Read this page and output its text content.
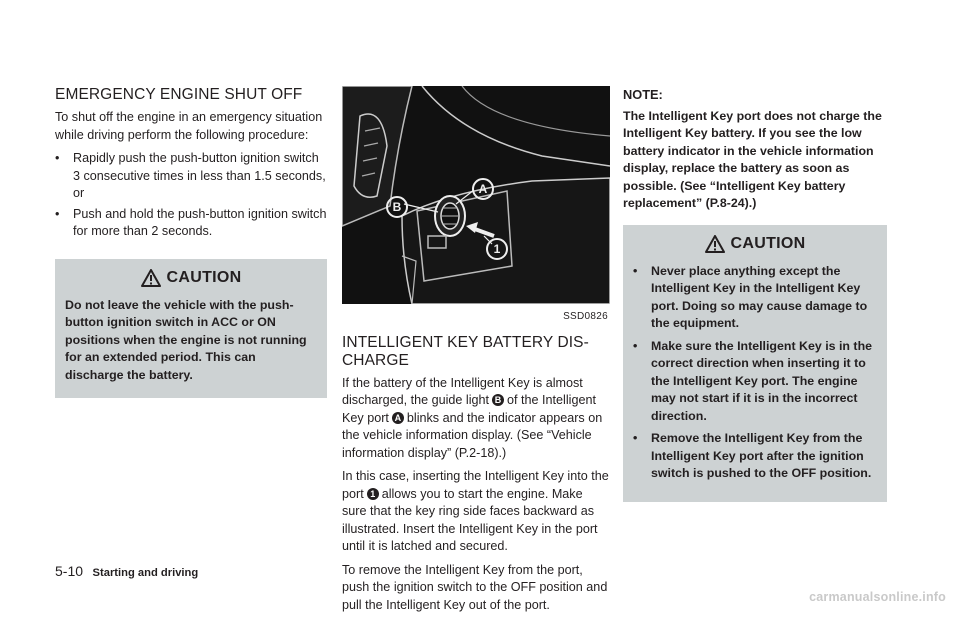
EMERGENCY ENGINE SHUT OFF

To shut off the engine in an emergency situation while driving perform the following procedure:

•	Rapidly push the push-button ignition switch 3 consecutive times in less than 1.5 seconds, or
•	Push and hold the push-button ignition switch for more than 2 seconds.
CAUTION
Do not leave the vehicle with the push-button ignition switch in ACC or ON positions when the engine is not running for an extended period. This can discharge the battery.
A
B
1
SSD0826
INTELLIGENT KEY BATTERY DIS-CHARGE

If the battery of the Intelligent Key is almost discharged, the guide light B of the Intelligent Key port A blinks and the indicator appears on the vehicle information display. (See “Vehicle information display” (P.2-18).)

In this case, inserting the Intelligent Key into the port 1 allows you to start the engine. Make sure that the key ring side faces backward as illustrated. Insert the Intelligent Key in the port until it is latched and secured.

To remove the Intelligent Key from the port, push the ignition switch to the OFF position and pull the Intelligent Key out of the port.

NOTE:

The Intelligent Key port does not charge the Intelligent Key battery. If you see the low battery indicator in the vehicle information display, replace the battery as soon as possible. (See “Intelligent Key battery replacement” (P.8-24).)

CAUTION
•	Never place anything except the Intelligent Key in the Intelligent Key port. Doing so may cause damage to the equipment.
•	Make sure the Intelligent Key is in the correct direction when inserting it to the Intelligent Key port. The engine may not start if it is in the incorrect direction.
•	Remove the Intelligent Key from the Intelligent Key port after the ignition switch is pushed to the OFF position.
5-10 Starting and driving
carmanualsonline.info
